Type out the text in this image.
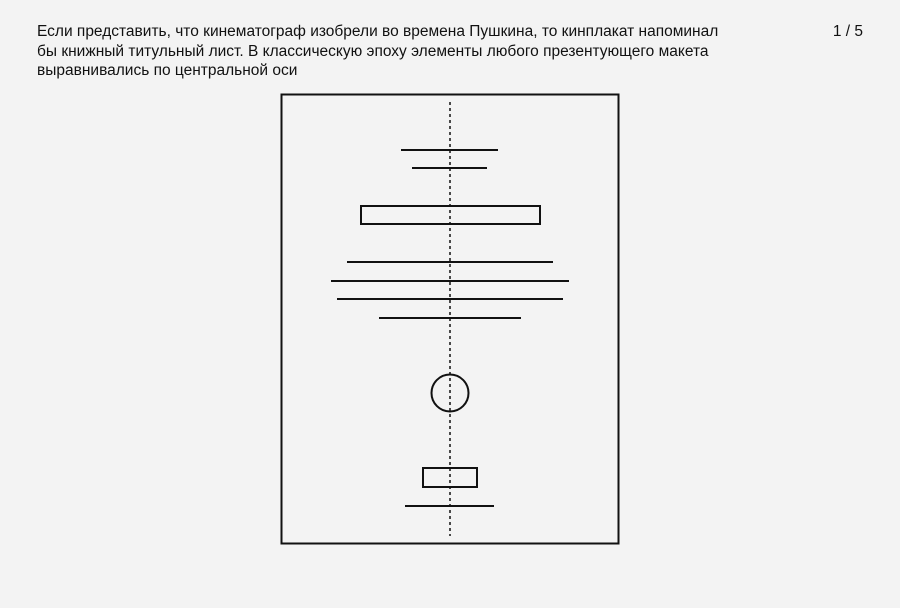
Если представить, что кинематограф изобрели во времена Пушкина, то кинплакат напоминал бы книжный титульный лист. В классическую эпоху элементы любого презентующего макета выравнивались по центральной оси

1 / 5
